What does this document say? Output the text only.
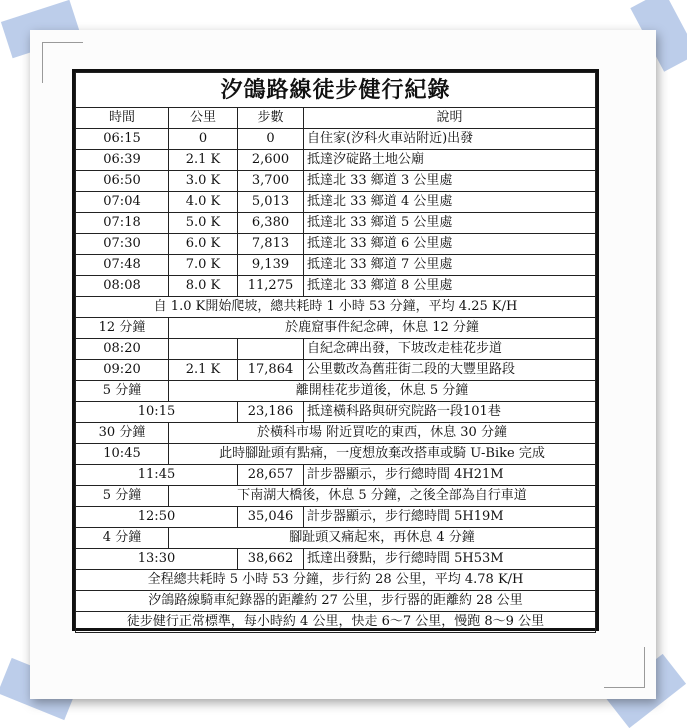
汐鴿路線徒步健行紀錄			
時間	公里	步數	說明
06:15	0	0	自住家(汐科火車站附近)出發
06:39	2.1 K	2,600	抵達汐碇路土地公廟
06:50	3.0 K	3,700	抵達北 33 鄉道 3 公里處
07:04	4.0 K	5,013	抵達北 33 鄉道 4 公里處
07:18	5.0 K	6,380	抵達北 33 鄉道 5 公里處
07:30	6.0 K	7,813	抵達北 33 鄉道 6 公里處
07:48	7.0 K	9,139	抵達北 33 鄉道 7 公里處
08:08	8.0 K	11,275	抵達北 33 鄉道 8 公里處
自 1.0 K開始爬坡，總共耗時 1 小時 53 分鐘，平均 4.25 K/H			
12 分鐘	於鹿窟事件紀念碑，休息 12 分鐘		
08:20			自紀念碑出發，下坡改走桂花步道
09:20	2.1 K	17,864	公里數改為舊莊街二段的大豐里路段
5 分鐘	離開桂花步道後，休息 5 分鐘		
10:15		23,186	抵達橫科路與研究院路一段101巷
30 分鐘	於橫科市場 附近買吃的東西，休息 30 分鐘		
10:45	此時腳趾頭有點痛，一度想放棄改搭車或騎 U-Bike 完成		
11:45		28,657	計步器顯示，步行總時間 4H21M
5 分鐘	下南湖大橋後，休息 5 分鐘，之後全部為自行車道		
12:50		35,046	計步器顯示，步行總時間 5H19M
4 分鐘	腳趾頭又痛起來，再休息 4 分鐘		
13:30		38,662	抵達出發點，步行總時間 5H53M
全程總共耗時 5 小時 53 分鐘，步行約 28 公里，平均 4.78 K/H			
汐鴿路線騎車紀錄器的距離約 27 公里，步行器的距離約 28 公里			
徒步健行正常標準，每小時約 4 公里，快走 6～7 公里，慢跑 8～9 公里			
